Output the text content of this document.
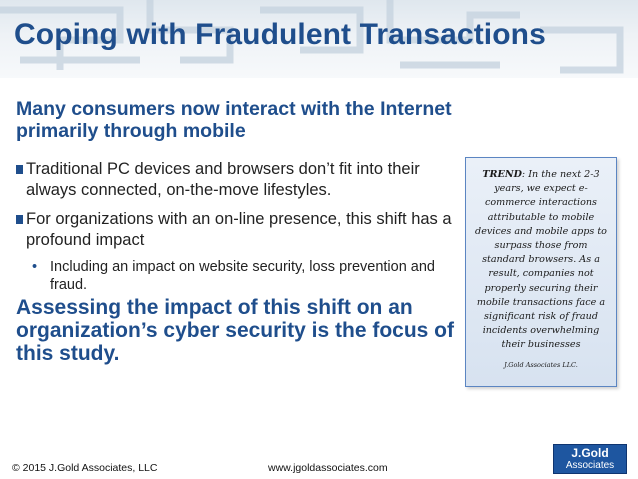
Coping with Fraudulent Transactions
Many consumers now interact with the Internet primarily through mobile
Traditional PC devices and browsers don’t fit into their always connected, on-the-move lifestyles.
For organizations with an on-line presence, this shift has a profound impact
• Including an impact on website security, loss prevention and fraud.
Assessing the impact of this shift on an organization’s cyber security is the focus of this study.
TREND: In the next 2-3 years, we expect e-commerce interactions attributable to mobile devices and mobile apps to surpass those from standard browsers. As a result, companies not properly securing their mobile transactions face a significant risk of fraud incidents overwhelming their businesses
J.Gold Associates LLC.
© 2015 J.Gold Associates, LLC	www.jgoldassociates.com
J.Gold
Associates
